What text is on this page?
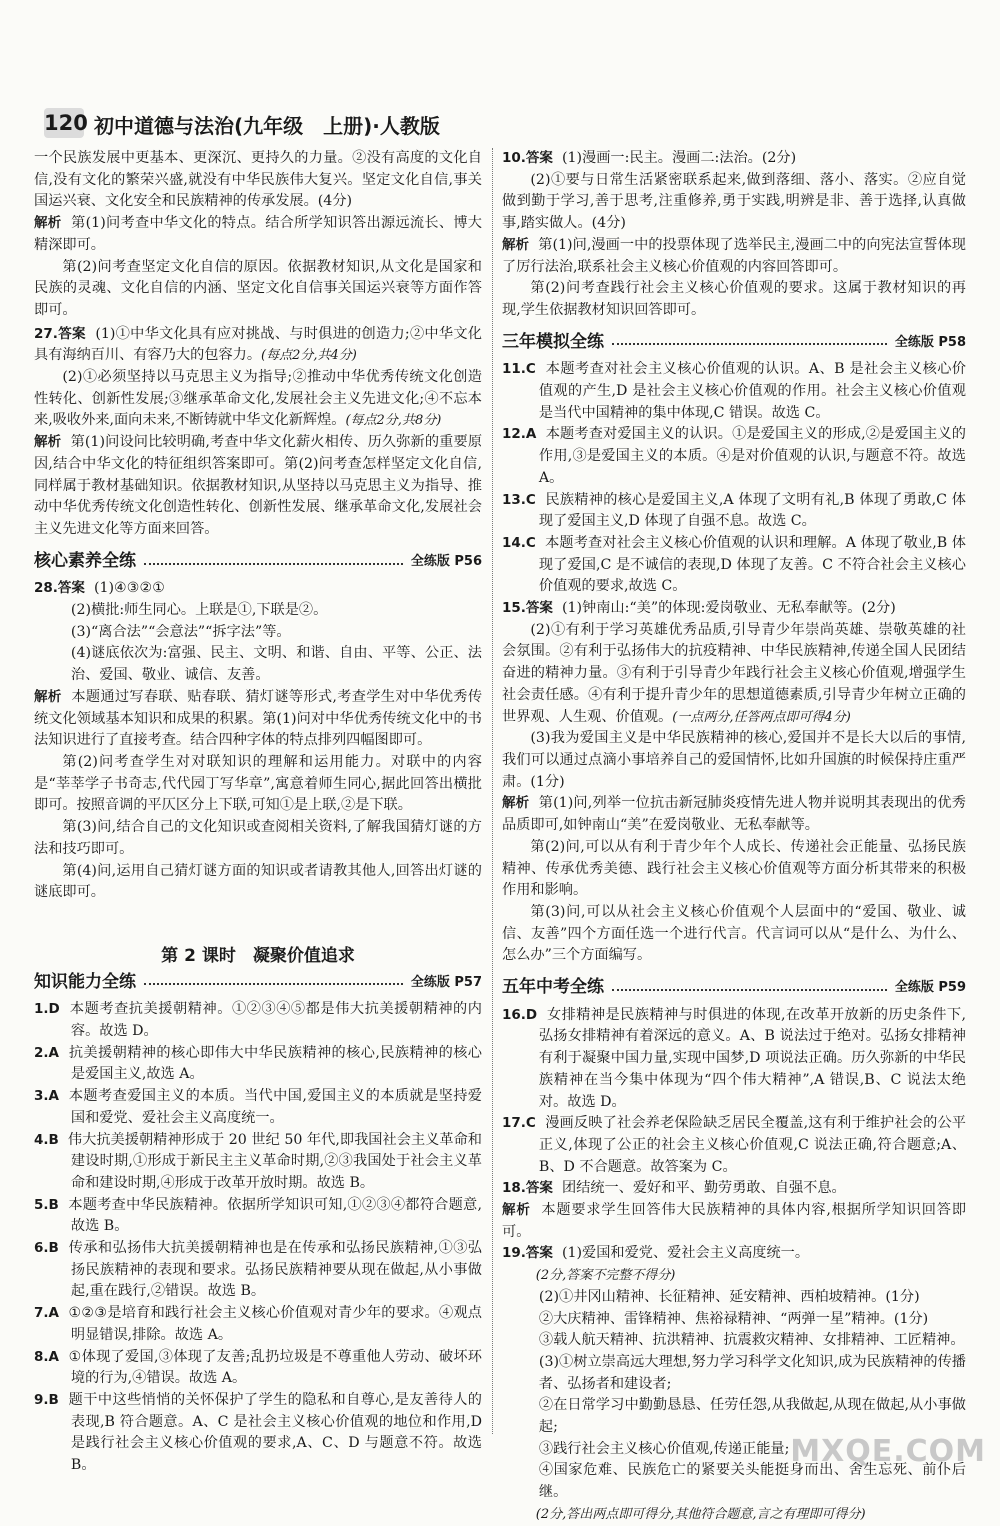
120 初中道德与法治(九年级　上册)·人教版
一个民族发展中更基本、更深沉、更持久的力量。②没有高度的文化自信,没有文化的繁荣兴盛,就没有中华民族伟大复兴。坚定文化自信,事关国运兴衰、文化安全和民族精神的传承发展。(4分)
解析 第(1)问考查中华文化的特点。结合所学知识答出源远流长、博大精深即可。
第(2)问考查坚定文化自信的原因。依据教材知识,从文化是国家和民族的灵魂、文化自信的内涵、坚定文化自信事关国运兴衰等方面作答即可。
27.答案 (1)①中华文化具有应对挑战、与时俱进的创造力;②中华文化具有海纳百川、有容乃大的包容力。(每点2分,共4分)
(2)①必须坚持以马克思主义为指导;②推动中华优秀传统文化创造性转化、创新性发展;③继承革命文化,发展社会主义先进文化;④不忘本来,吸收外来,面向未来,不断铸就中华文化新辉煌。(每点2分,共8分)
解析 第(1)问设问比较明确,考查中华文化薪火相传、历久弥新的重要原因,结合中华文化的特征组织答案即可。第(2)问考查怎样坚定文化自信,同样属于教材基础知识。依据教材知识,从坚持以马克思主义为指导、推动中华优秀传统文化创造性转化、创新性发展、继承革命文化,发展社会主义先进文化等方面来回答。
核心素养全练	全练版 P56
28.答案 (1)④③②①
(2)横批:师生同心。上联是①,下联是②。
(3)“离合法”“会意法”“拆字法”等。
(4)谜底依次为:富强、民主、文明、和谐、自由、平等、公正、法治、爱国、敬业、诚信、友善。
解析 本题通过写春联、贴春联、猜灯谜等形式,考查学生对中华优秀传统文化领域基本知识和成果的积累。第(1)问对中华优秀传统文化中的书法知识进行了直接考查。结合四种字体的特点排列四幅图即可。
第(2)问考查学生对对联知识的理解和运用能力。对联中的内容是“莘莘学子书奇志,代代园丁写华章”,寓意着师生同心,据此回答出横批即可。按照音调的平仄区分上下联,可知①是上联,②是下联。
第(3)问,结合自己的文化知识或查阅相关资料,了解我国猜灯谜的方法和技巧即可。
第(4)问,运用自己猜灯谜方面的知识或者请教其他人,回答出灯谜的谜底即可。
第 2 课时　凝聚价值追求
知识能力全练	全练版 P57
1.D 本题考查抗美援朝精神。①②③④⑤都是伟大抗美援朝精神的内容。故选 D。
2.A 抗美援朝精神的核心即伟大中华民族精神的核心,民族精神的核心是爱国主义,故选 A。
3.A 本题考查爱国主义的本质。当代中国,爱国主义的本质就是坚持爱国和爱党、爱社会主义高度统一。
4.B 伟大抗美援朝精神形成于 20 世纪 50 年代,即我国社会主义革命和建设时期,①形成于新民主主义革命时期,②③我国处于社会主义革命和建设时期,④形成于改革开放时期。故选 B。
5.B 本题考查中华民族精神。依据所学知识可知,①②③④都符合题意,故选 B。
6.B 传承和弘扬伟大抗美援朝精神也是在传承和弘扬民族精神,①③弘扬民族精神的表现和要求。弘扬民族精神要从现在做起,从小事做起,重在践行,②错误。故选 B。
7.A ①②③是培育和践行社会主义核心价值观对青少年的要求。④观点明显错误,排除。故选 A。
8.A ①体现了爱国,③体现了友善;乱扔垃圾是不尊重他人劳动、破坏环境的行为,④错误。故选 A。
9.B 题干中这些悄悄的关怀保护了学生的隐私和自尊心,是友善待人的表现,B 符合题意。A、C 是社会主义核心价值观的地位和作用,D 是践行社会主义核心价值观的要求,A、C、D 与题意不符。故选 B。
10.答案 (1)漫画一:民主。漫画二:法治。(2分)
(2)①要与日常生活紧密联系起来,做到落细、落小、落实。②应自觉做到勤于学习,善于思考,注重修养,勇于实践,明辨是非、善于选择,认真做事,踏实做人。(4分)
解析 第(1)问,漫画一中的投票体现了选举民主,漫画二中的向宪法宣誓体现了厉行法治,联系社会主义核心价值观的内容回答即可。
第(2)问考查践行社会主义核心价值观的要求。这属于教材知识的再现,学生依据教材知识回答即可。
三年模拟全练	全练版 P58
11.C 本题考查对社会主义核心价值观的认识。A、B 是社会主义核心价值观的产生,D 是社会主义核心价值观的作用。社会主义核心价值观是当代中国精神的集中体现,C 错误。故选 C。
12.A 本题考查对爱国主义的认识。①是爱国主义的形成,②是爱国主义的作用,③是爱国主义的本质。④是对价值观的认识,与题意不符。故选 A。
13.C 民族精神的核心是爱国主义,A 体现了文明有礼,B 体现了勇敢,C 体现了爱国主义,D 体现了自强不息。故选 C。
14.C 本题考查对社会主义核心价值观的认识和理解。A 体现了敬业,B 体现了爱国,C 是不诚信的表现,D 体现了友善。C 不符合社会主义核心价值观的要求,故选 C。
15.答案 (1)钟南山:“美”的体现:爱岗敬业、无私奉献等。(2分)
(2)①有利于学习英雄优秀品质,引导青少年崇尚英雄、崇敬英雄的社会氛围。②有利于弘扬伟大的抗疫精神、中华民族精神,传递全国人民团结奋进的精神力量。③有利于引导青少年践行社会主义核心价值观,增强学生社会责任感。④有利于提升青少年的思想道德素质,引导青少年树立正确的世界观、人生观、价值观。(一点两分,任答两点即可得4分)
(3)我为爱国主义是中华民族精神的核心,爱国并不是长大以后的事情,我们可以通过点滴小事培养自己的爱国情怀,比如升国旗的时候保持庄重严肃。(1分)
解析 第(1)问,列举一位抗击新冠肺炎疫情先进人物并说明其表现出的优秀品质即可,如钟南山“美”在爱岗敬业、无私奉献等。
第(2)问,可以从有利于青少年个人成长、传递社会正能量、弘扬民族精神、传承优秀美德、践行社会主义核心价值观等方面分析其带来的积极作用和影响。
第(3)问,可以从社会主义核心价值观个人层面中的“爱国、敬业、诚信、友善”四个方面任选一个进行代言。代言词可以从“是什么、为什么、怎么办”三个方面编写。
五年中考全练	全练版 P59
16.D 女排精神是民族精神与时俱进的体现,在改革开放新的历史条件下,弘扬女排精神有着深远的意义。A、B 说法过于绝对。弘扬女排精神有利于凝聚中国力量,实现中国梦,D 项说法正确。历久弥新的中华民族精神在当今集中体现为“四个伟大精神”,A 错误,B、C 说法太绝对。故选 D。
17.C 漫画反映了社会养老保险缺乏居民全覆盖,这有利于维护社会的公平正义,体现了公正的社会主义核心价值观,C 说法正确,符合题意;A、B、D 不合题意。故答案为 C。
18.答案 团结统一、爱好和平、勤劳勇敢、自强不息。
解析 本题要求学生回答伟大民族精神的具体内容,根据所学知识回答即可。
19.答案 (1)爱国和爱党、爱社会主义高度统一。
(2分,答案不完整不得分)
(2)①井冈山精神、长征精神、延安精神、西柏坡精神。(1分)
②大庆精神、雷锋精神、焦裕禄精神、“两弹一星”精神。(1分)
③载人航天精神、抗洪精神、抗震救灾精神、女排精神、工匠精神。
(3)①树立崇高远大理想,努力学习科学文化知识,成为民族精神的传播者、弘扬者和建设者;
②在日常学习中勤勤恳恳、任劳任怨,从我做起,从现在做起,从小事做起;
③践行社会主义核心价值观,传递正能量;
④国家危难、民族危亡的紧要关头能挺身而出、舍生忘死、前仆后继。
(2分,答出两点即可得分,其他符合题意,言之有理即可得分)
MXQE.COM
